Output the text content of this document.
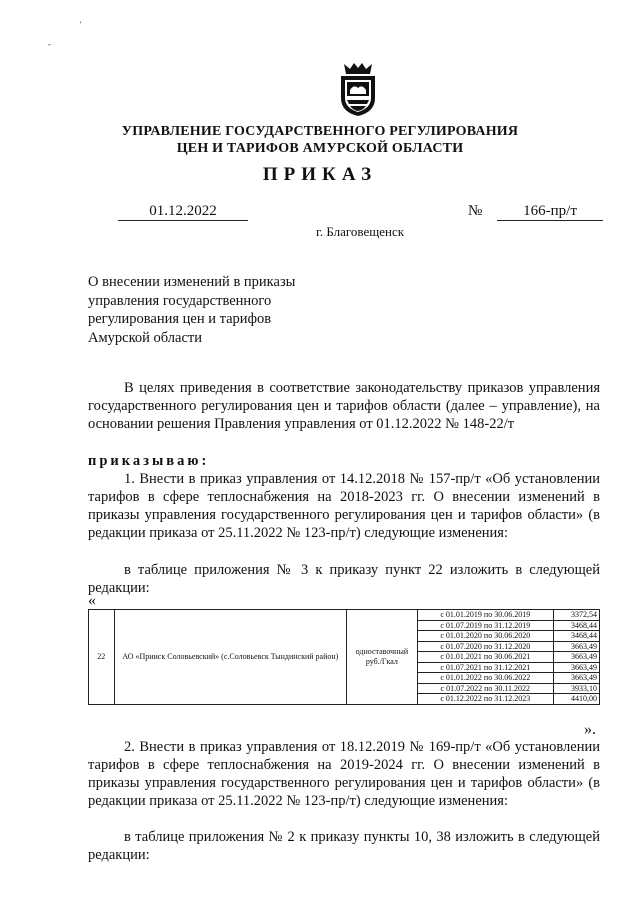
'
-
УПРАВЛЕНИЕ ГОСУДАРСТВЕННОГО РЕГУЛИРОВАНИЯ
ЦЕН И ТАРИФОВ АМУРСКОЙ ОБЛАСТИ
ПРИКАЗ
01.12.2022	№	166-пр/т
г. Благовещенск
О внесении изменений в приказы
управления государственного
регулирования цен и тарифов
Амурской области
В целях приведения в соответствие законодательству приказов управления государственного регулирования цен и тарифов области (далее – управление), на основании решения Правления управления от 01.12.2022 № 148-22/т
приказываю:
1. Внести в приказ управления от 14.12.2018 № 157-пр/т «Об установлении тарифов в сфере теплоснабжения на 2018-2023 гг. О внесении изменений в приказы управления государственного регулирования цен и тарифов области» (в редакции приказа от 25.11.2022 № 123-пр/т) следующие изменения:
в таблице приложения № 3 к приказу пункт 22 изложить в следующей редакции:
«
22	АО «Прииск Соловьевский» (с.Соловьевск Тындинский район)	одноставочный руб./Гкал	с 01.01.2019 по 30.06.2019	3372,54
			с 01.07.2019 по 31.12.2019	3468,44
			с 01.01.2020 по 30.06.2020	3468,44
			с 01.07.2020 по 31.12.2020	3663,49
			с 01.01.2021 по 30.06.2021	3663,49
			с 01.07.2021 по 31.12.2021	3663,49
			с 01.01.2022 по 30.06.2022	3663,49
			с 01.07.2022 по 30.11.2022	3933,10
			с 01.12.2022 по 31.12.2023	4410,00
».
2. Внести в приказ управления от 18.12.2019 № 169-пр/т «Об установлении тарифов в сфере теплоснабжения на 2019-2024 гг. О внесении изменений в приказы управления государственного регулирования цен и тарифов области» (в редакции приказа от 25.11.2022 № 123-пр/т) следующие изменения:
в таблице приложения № 2 к приказу пункты 10, 38 изложить в следующей редакции:
